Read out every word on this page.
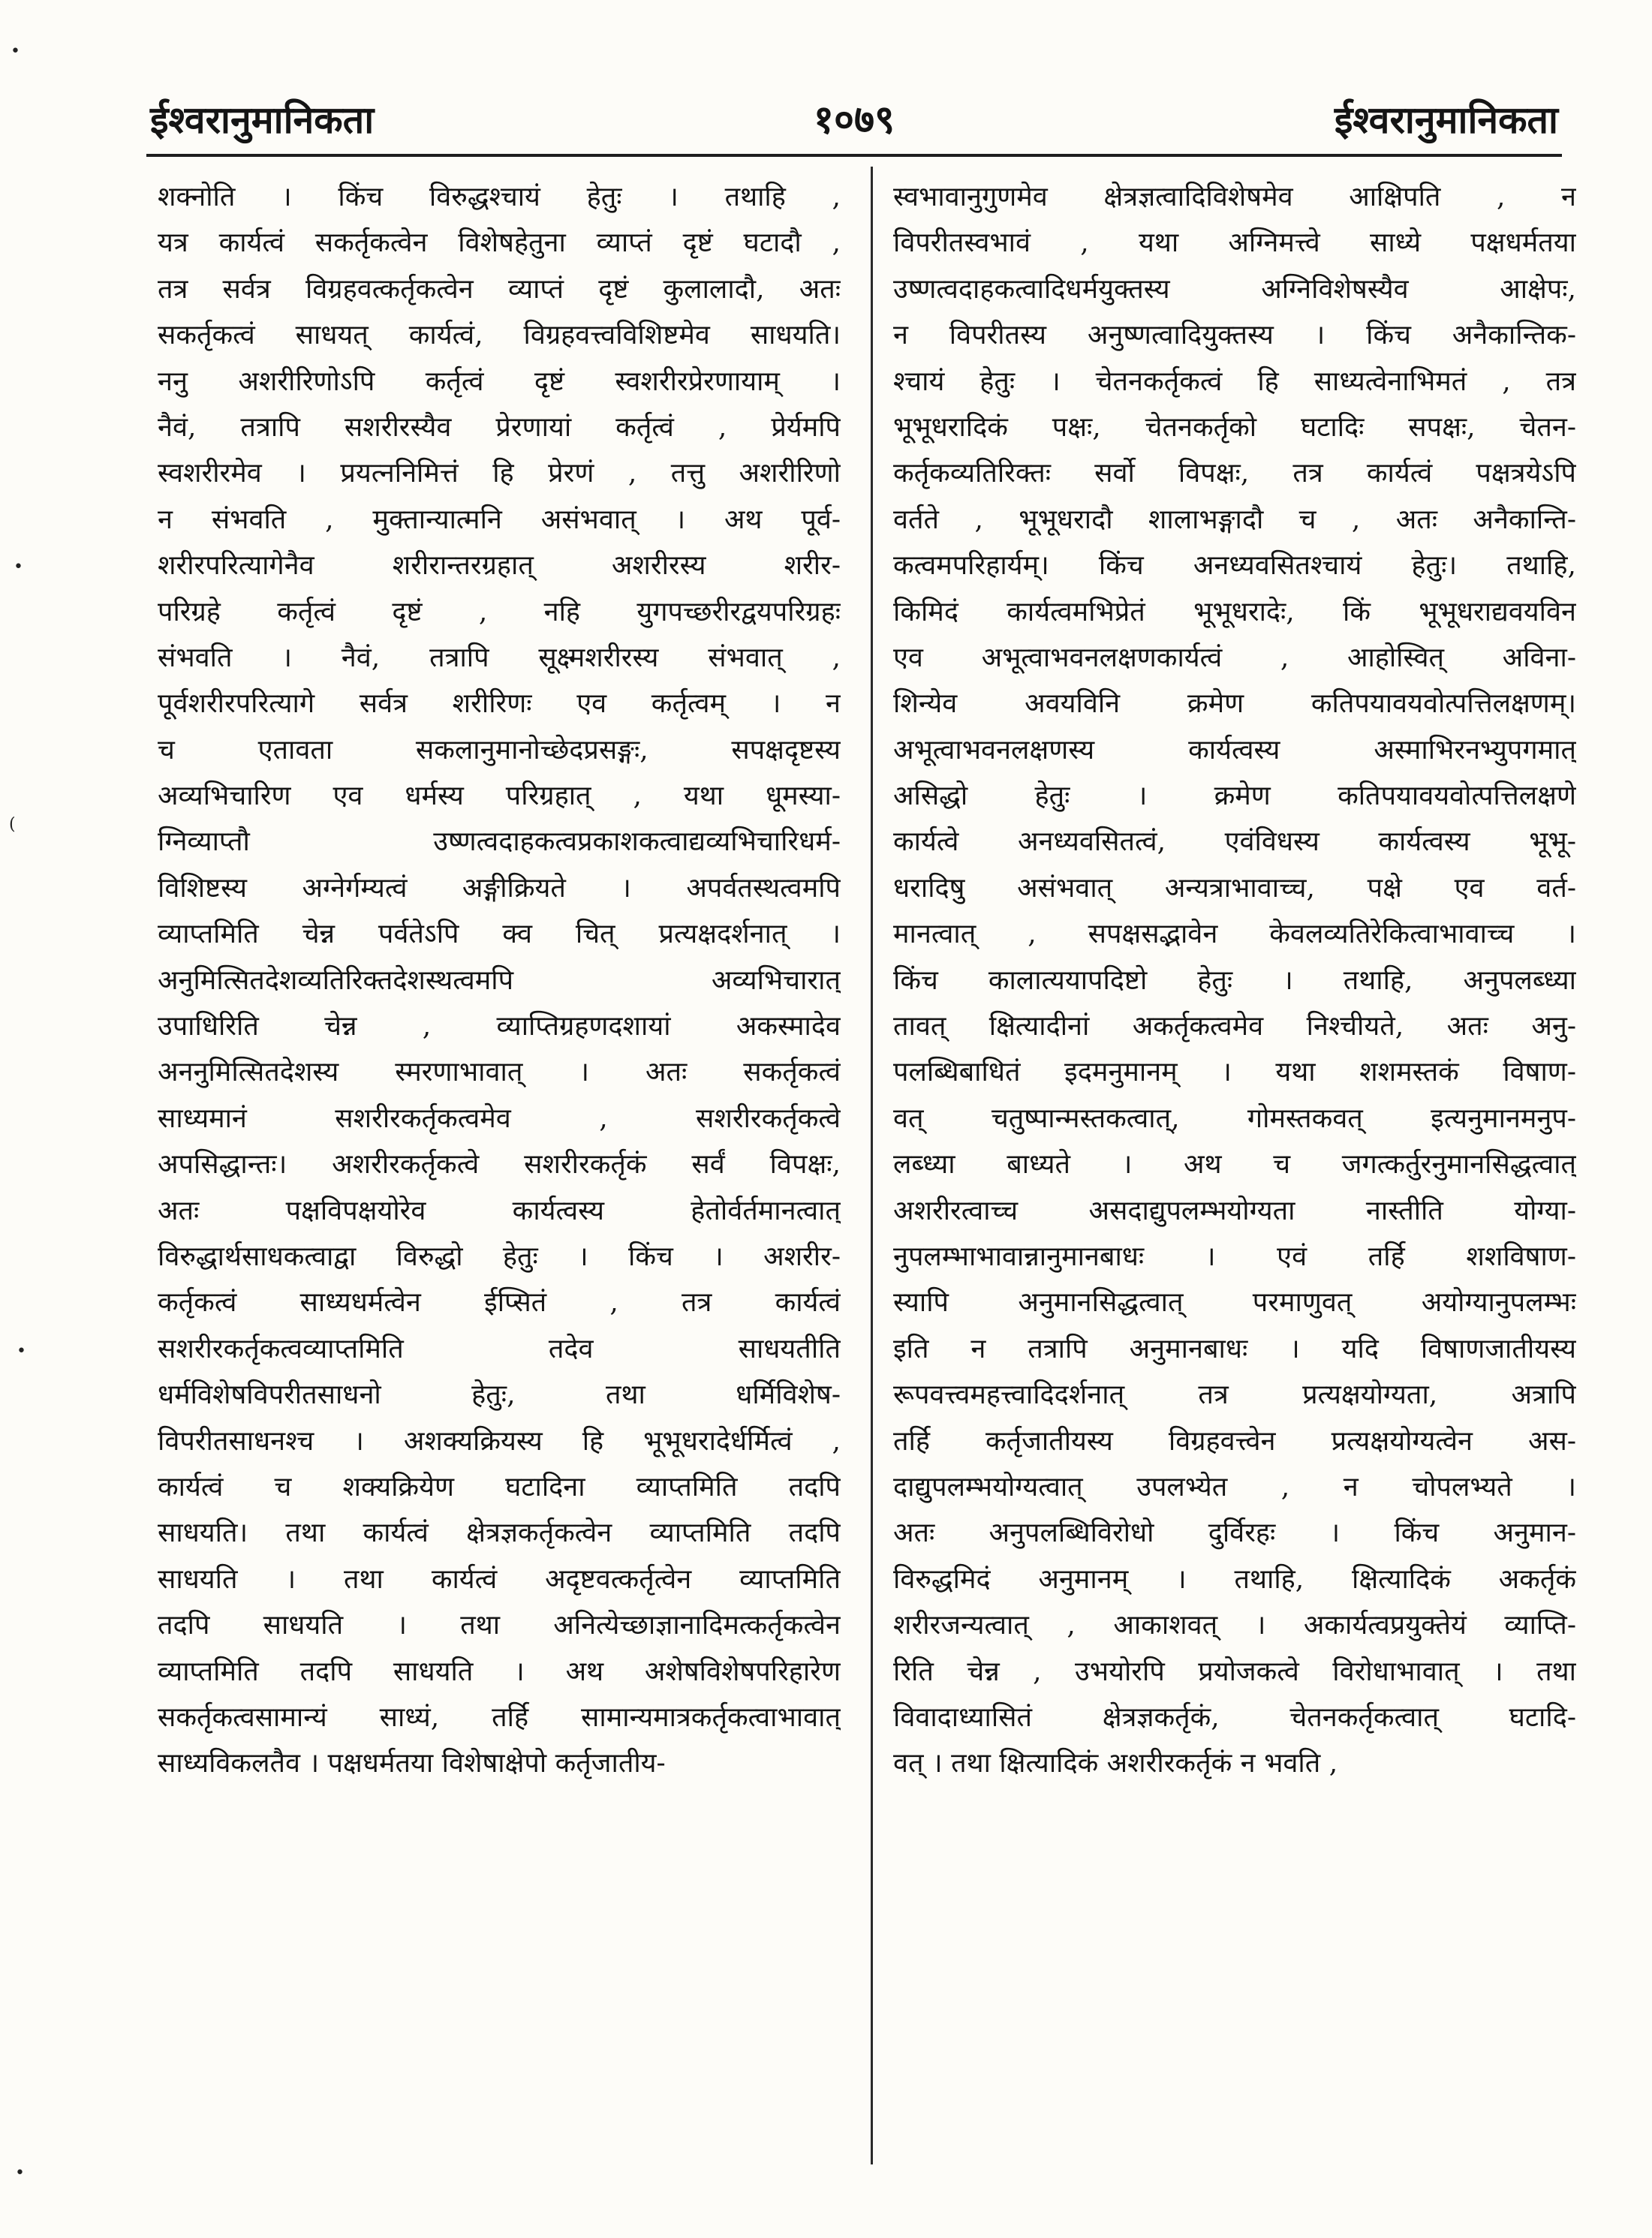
•
•
(
•
•
ईश्वरानुमानिकता	१०७९	ईश्वरानुमानिकता
शक्नोति । किंच विरुद्धश्चायं हेतुः । तथाहि ,
यत्र कार्यत्वं सकर्तृकत्वेन विशेषहेतुना व्याप्तं दृष्टं घटादौ ,
तत्र सर्वत्र विग्रहवत्कर्तृकत्वेन व्याप्तं दृष्टं कुलालादौ, अतः
सकर्तृकत्वं साधयत् कार्यत्वं, विग्रहवत्त्वविशिष्टमेव साधयति।
ननु अशरीरिणोऽपि कर्तृत्वं दृष्टं स्वशरीरप्रेरणायाम् ।
नैवं, तत्रापि सशरीरस्यैव प्रेरणायां कर्तृत्वं , प्रेर्यमपि
स्वशरीरमेव । प्रयत्ननिमित्तं हि प्रेरणं , तत्तु अशरीरिणो
न संभवति , मुक्तान्यात्मनि असंभवात् । अथ पूर्व-
शरीरपरित्यागेनैव शरीरान्तरग्रहात् अशरीरस्य शरीर-
परिग्रहे कर्तृत्वं दृष्टं , नहि युगपच्छरीरद्वयपरिग्रहः
संभवति । नैवं, तत्रापि सूक्ष्मशरीरस्य संभवात् ,
पूर्वशरीरपरित्यागे सर्वत्र शरीरिणः एव कर्तृत्वम् । न
च एतावता सकलानुमानोच्छेदप्रसङ्गः, सपक्षदृष्टस्य
अव्यभिचारिण एव धर्मस्य परिग्रहात् , यथा धूमस्या-
ग्निव्याप्तौ उष्णत्वदाहकत्वप्रकाशकत्वाद्यव्यभिचारिधर्म-
विशिष्टस्य अग्नेर्गम्यत्वं अङ्गीक्रियते । अपर्वतस्थत्वमपि
व्याप्तमिति चेन्न पर्वतेऽपि क्व चित् प्रत्यक्षदर्शनात् ।
अनुमित्सितदेशव्यतिरिक्तदेशस्थत्वमपि अव्यभिचारात्
उपाधिरिति चेन्न , व्याप्तिग्रहणदशायां अकस्मादेव
अननुमित्सितदेशस्य स्मरणाभावात् । अतः सकर्तृकत्वं
साध्यमानं सशरीरकर्तृकत्वमेव , सशरीरकर्तृकत्वे
अपसिद्धान्तः। अशरीरकर्तृकत्वे सशरीरकर्तृकं सर्वं विपक्षः,
अतः पक्षविपक्षयोरेव कार्यत्वस्य हेतोर्वर्तमानत्वात्
विरुद्धार्थसाधकत्वाद्वा विरुद्धो हेतुः । किंच । अशरीर-
कर्तृकत्वं साध्यधर्मत्वेन ईप्सितं , तत्र कार्यत्वं
सशरीरकर्तृकत्वव्याप्तमिति तदेव साधयतीति
धर्मविशेषविपरीतसाधनो हेतुः, तथा धर्मिविशेष-
विपरीतसाधनश्च । अशक्यक्रियस्य हि भूभूधरादेर्धर्मित्वं ,
कार्यत्वं च शक्यक्रियेण घटादिना व्याप्तमिति तदपि
साधयति। तथा कार्यत्वं क्षेत्रज्ञकर्तृकत्वेन व्याप्तमिति तदपि
साधयति । तथा कार्यत्वं अदृष्टवत्कर्तृत्वेन व्याप्तमिति
तदपि साधयति । तथा अनित्येच्छाज्ञानादिमत्कर्तृकत्वेन
व्याप्तमिति तदपि साधयति । अथ अशेषविशेषपरिहारेण
सकर्तृकत्वसामान्यं साध्यं, तर्हि सामान्यमात्रकर्तृकत्वाभावात्
साध्यविकलतैव । पक्षधर्मतया विशेषाक्षेपो कर्तृजातीय-
स्वभावानुगुणमेव क्षेत्रज्ञत्वादिविशेषमेव आक्षिपति , न
विपरीतस्वभावं , यथा अग्निमत्त्वे साध्ये पक्षधर्मतया
उष्णत्वदाहकत्वादिधर्मयुक्तस्य अग्निविशेषस्यैव आक्षेपः,
न विपरीतस्य अनुष्णत्वादियुक्तस्य । किंच अनैकान्तिक-
श्चायं हेतुः । चेतनकर्तृकत्वं हि साध्यत्वेनाभिमतं , तत्र
भूभूधरादिकं पक्षः, चेतनकर्तृको घटादिः सपक्षः, चेतन-
कर्तृकव्यतिरिक्तः सर्वो विपक्षः, तत्र कार्यत्वं पक्षत्रयेऽपि
वर्तते , भूभूधरादौ शालाभङ्गादौ च , अतः अनैकान्ति-
कत्वमपरिहार्यम्। किंच अनध्यवसितश्चायं हेतुः। तथाहि,
किमिदं कार्यत्वमभिप्रेतं भूभूधरादेः, किं भूभूधराद्यवयविन
एव अभूत्वाभवनलक्षणकार्यत्वं , आहोस्वित् अविना-
शिन्येव अवयविनि क्रमेण कतिपयावयवोत्पत्तिलक्षणम्।
अभूत्वाभवनलक्षणस्य कार्यत्वस्य अस्माभिरनभ्युपगमात्
असिद्धो हेतुः । क्रमेण कतिपयावयवोत्पत्तिलक्षणे
कार्यत्वे अनध्यवसितत्वं, एवंविधस्य कार्यत्वस्य भूभू-
धरादिषु असंभवात् अन्यत्राभावाच्च, पक्षे एव वर्त-
मानत्वात् , सपक्षसद्भावेन केवलव्यतिरेकित्वाभावाच्च ।
किंच कालात्ययापदिष्टो हेतुः । तथाहि, अनुपलब्ध्या
तावत् क्षित्यादीनां अकर्तृकत्वमेव निश्चीयते, अतः अनु-
पलब्धिबाधितं इदमनुमानम् । यथा शशमस्तकं विषाण-
वत् चतुष्पान्मस्तकत्वात्, गोमस्तकवत् इत्यनुमानमनुप-
लब्ध्या बाध्यते । अथ च जगत्कर्तुरनुमानसिद्धत्वात्
अशरीरत्वाच्च असदाद्युपलम्भयोग्यता नास्तीति योग्या-
नुपलम्भाभावान्नानुमानबाधः । एवं तर्हि शशविषाण-
स्यापि अनुमानसिद्धत्वात् परमाणुवत् अयोग्यानुपलम्भः
इति न तत्रापि अनुमानबाधः । यदि विषाणजातीयस्य
रूपवत्त्वमहत्त्वादिदर्शनात् तत्र प्रत्यक्षयोग्यता, अत्रापि
तर्हि कर्तृजातीयस्य विग्रहवत्त्वेन प्रत्यक्षयोग्यत्वेन अस-
दाद्युपलम्भयोग्यत्वात् उपलभ्येत , न चोपलभ्यते ।
अतः अनुपलब्धिविरोधो दुर्विरहः । किंच अनुमान-
विरुद्धमिदं अनुमानम् । तथाहि, क्षित्यादिकं अकर्तृकं
शरीरजन्यत्वात् , आकाशवत् । अकार्यत्वप्रयुक्तेयं व्याप्ति-
रिति चेन्न , उभयोरपि प्रयोजकत्वे विरोधाभावात् । तथा
विवादाध्यासितं क्षेत्रज्ञकर्तृकं, चेतनकर्तृकत्वात् घटादि-
वत् । तथा क्षित्यादिकं अशरीरकर्तृकं न भवति ,
